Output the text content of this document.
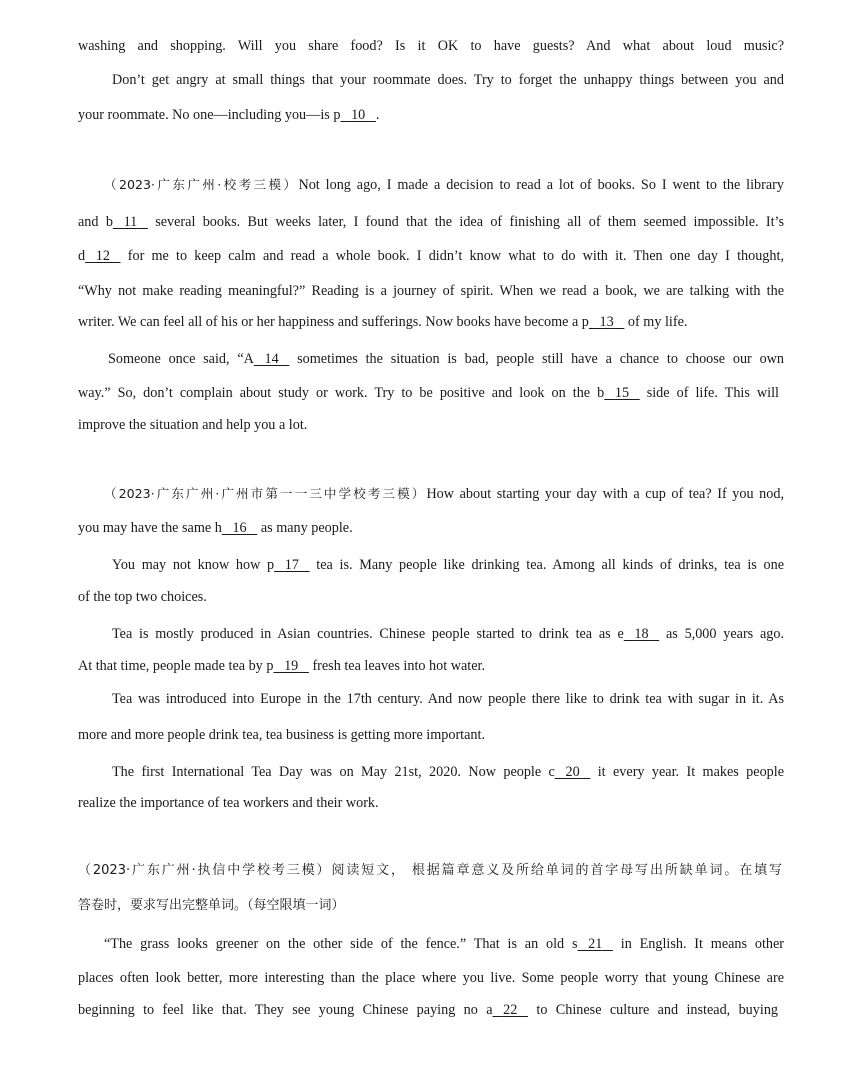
washing and shopping. Will you share food? Is it OK to have guests? And what about loud music?
Don’t get angry at small things that your roommate does. Try to forget the unhappy things between you and
your roommate. No one—including you—is p 10 .
（2023·广东广州·校考三模）Not long ago, I made a decision to read a lot of books. So I went to the library
and b 11    several books. But weeks later, I found that the idea of finishing all of them seemed impossible. It’s
d 12    for me to keep calm and read a whole book. I didn’t know what to do with it. Then one day I thought,
“Why not make reading meaningful?” Reading is a journey of spirit. When we read a book, we are talking with the
writer. We can feel all of his or her happiness and sufferings. Now books have become a p 13    of my life.
Someone once said, “A 14    sometimes the situation is bad, people still have a chance to choose our own
way.” So, don’t complain about study or work. Try to be positive and look on the b 15    side of life. This will
improve the situation and help you a lot.
（2023·广东广州·广州市第一一三中学校考三模）How about starting your day with a cup of tea? If you nod,
you may have the same h 16    as many people.
You may not know how p 17    tea is. Many people like drinking tea. Among all kinds of drinks, tea is one
of the top two choices.
Tea is mostly produced in Asian countries. Chinese people started to drink tea as e 18    as 5,000 years ago.
At that time, people made tea by p 19    fresh tea leaves into hot water.
Tea was introduced into Europe in the 17th century. And now people there like to drink tea with sugar in it. As
more and more people drink tea, tea business is getting more important.
The first International Tea Day was on May 21st, 2020. Now people c 20    it every year. It makes people
realize the importance of tea workers and their work.
（2023·广东广州·执信中学校考三模）阅读短文， 根据篇章意义及所给单词的首字母写出所缺单词。在填写
答卷时，要求写出完整单词。（每空限填一词）
“The grass looks greener on the other side of the fence.” That is an old s 21    in English. It means other
places often look better, more interesting than the place where you live. Some people worry that young Chinese are
beginning to feel like that. They see young Chinese paying no a 22    to Chinese culture and instead, buying
